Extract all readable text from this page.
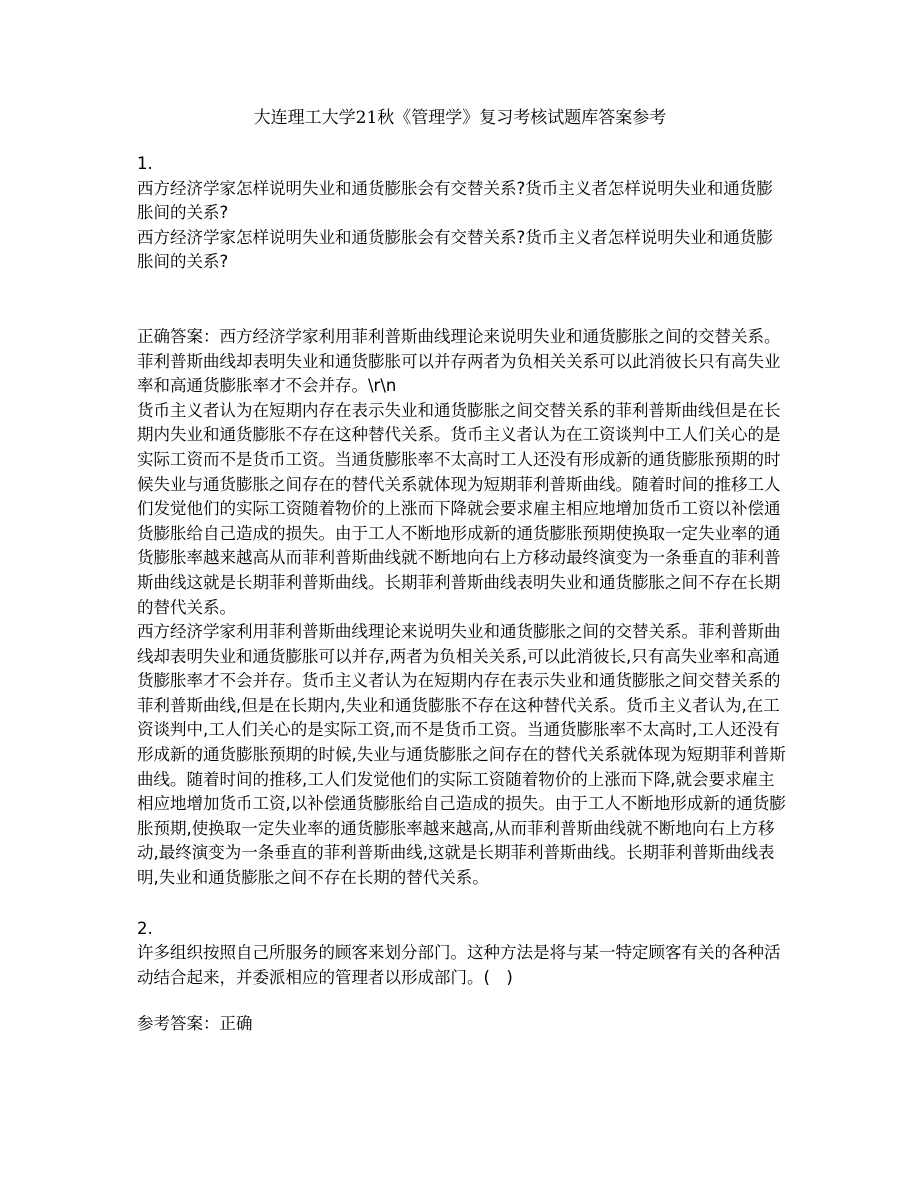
大连理工大学21秋《管理学》复习考核试题库答案参考

1.

西方经济学家怎样说明失业和通货膨胀会有交替关系?货币主义者怎样说明失业和通货膨胀间的关系?

西方经济学家怎样说明失业和通货膨胀会有交替关系?货币主义者怎样说明失业和通货膨胀间的关系?

正确答案：西方经济学家利用菲利普斯曲线理论来说明失业和通货膨胀之间的交替关系。菲利普斯曲线却表明失业和通货膨胀可以并存两者为负相关关系可以此消彼长只有高失业率和高通货膨胀率才不会并存。\r\n

货币主义者认为在短期内存在表示失业和通货膨胀之间交替关系的菲利普斯曲线但是在长期内失业和通货膨胀不存在这种替代关系。货币主义者认为在工资谈判中工人们关心的是实际工资而不是货币工资。当通货膨胀率不太高时工人还没有形成新的通货膨胀预期的时候失业与通货膨胀之间存在的替代关系就体现为短期菲利普斯曲线。随着时间的推移工人们发觉他们的实际工资随着物价的上涨而下降就会要求雇主相应地增加货币工资以补偿通货膨胀给自己造成的损失。由于工人不断地形成新的通货膨胀预期使换取一定失业率的通货膨胀率越来越高从而菲利普斯曲线就不断地向右上方移动最终演变为一条垂直的菲利普斯曲线这就是长期菲利普斯曲线。长期菲利普斯曲线表明失业和通货膨胀之间不存在长期的替代关系。

西方经济学家利用菲利普斯曲线理论来说明失业和通货膨胀之间的交替关系。菲利普斯曲线却表明失业和通货膨胀可以并存,两者为负相关关系,可以此消彼长,只有高失业率和高通货膨胀率才不会并存。货币主义者认为在短期内存在表示失业和通货膨胀之间交替关系的菲利普斯曲线,但是在长期内,失业和通货膨胀不存在这种替代关系。货币主义者认为,在工资谈判中,工人们关心的是实际工资,而不是货币工资。当通货膨胀率不太高时,工人还没有形成新的通货膨胀预期的时候,失业与通货膨胀之间存在的替代关系就体现为短期菲利普斯曲线。随着时间的推移,工人们发觉他们的实际工资随着物价的上涨而下降,就会要求雇主相应地增加货币工资,以补偿通货膨胀给自己造成的损失。由于工人不断地形成新的通货膨胀预期,使换取一定失业率的通货膨胀率越来越高,从而菲利普斯曲线就不断地向右上方移动,最终演变为一条垂直的菲利普斯曲线,这就是长期菲利普斯曲线。长期菲利普斯曲线表明,失业和通货膨胀之间不存在长期的替代关系。

2.

许多组织按照自己所服务的顾客来划分部门。这种方法是将与某一特定顾客有关的各种活动结合起来，并委派相应的管理者以形成部门。(　)

参考答案：正确
